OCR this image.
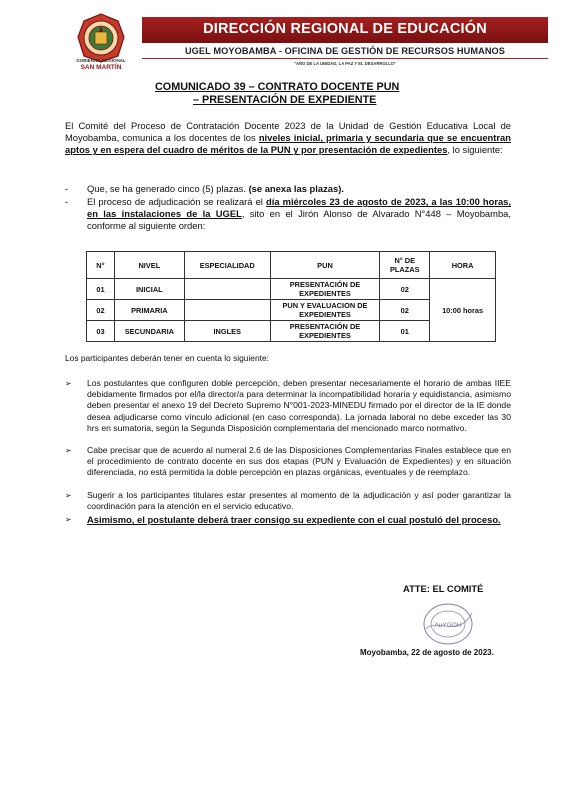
GOBIERNO REGIONAL
SAN MARTÍN
DIRECCIÓN REGIONAL DE EDUCACIÓN
UGEL MOYOBAMBA - OFICINA DE GESTIÓN DE RECURSOS HUMANOS
"AÑO DE LA UNIDAD, LA PAZ Y EL DESARROLLO"
COMUNICADO 39 – CONTRATO DOCENTE PUN
– PRESENTACIÓN DE EXPEDIENTE
El Comité del Proceso de Contratación Docente 2023 de la Unidad de Gestión Educativa Local de Moyobamba, comunica a los docentes de los niveles inicial, primaria y secundaria que se encuentran aptos y en espera del cuadro de méritos de la PUN y por presentación de expedientes, lo siguiente:
-	Que, se ha generado cinco (5) plazas. (se anexa las plazas).
-	El proceso de adjudicación se realizará el día miércoles 23 de agosto de 2023, a las 10:00 horas, en las instalaciones de la UGEL, sito en el Jirón Alonso de Alvarado N°448 – Moyobamba, conforme al siguiente orden:
N°	NIVEL	ESPECIALIDAD	PUN	N° DE PLAZAS	HORA
01	INICIAL		PRESENTACIÓN DE EXPEDIENTES	02	10:00 horas
02	PRIMARIA		PUN Y EVALUACION DE EXPEDIENTES	02	
03	SECUNDARIA	INGLES	PRESENTACIÓN DE EXPEDIENTES	01	
Los participantes deberán tener en cuenta lo siguiente:
➢ Los postulantes que configuren doble percepción, deben presentar necesariamente el horario de ambas IIEE debidamente firmados por el/la director/a para determinar la incompatibilidad horaria y equidistancia, asimismo deben presentar el anexo 19 del Decreto Supremo N°001-2023-MINEDU firmado por el director de la IE donde desea adjudicarse como vínculo adicional (en caso corresponda). La jornada laboral no debe exceder las 30 hrs en sumatoria, según la Segunda Disposición complementaria del mencionado marco normativo.
➢ Cabe precisar que de acuerdo al numeral 2.6 de las Disposiciones Complementarias Finales establece que en el procedimiento de contrato docente en sus dos etapas (PUN y Evaluación de Expedientes) y en situación diferenciada, no está permitida la doble percepción en plazas orgánicas, eventuales y de reemplazo.
➢ Sugerir a los participantes titulares estar presentes al momento de la adjudicación y así poder garantizar la coordinación para la atención en el servicio educativo.
➢ Asimismo, el postulante deberá traer consigo su expediente con el cual postuló del proceso.
ATTE: EL COMITÉ
AuYGOH
Moyobamba, 22 de agosto de 2023.
